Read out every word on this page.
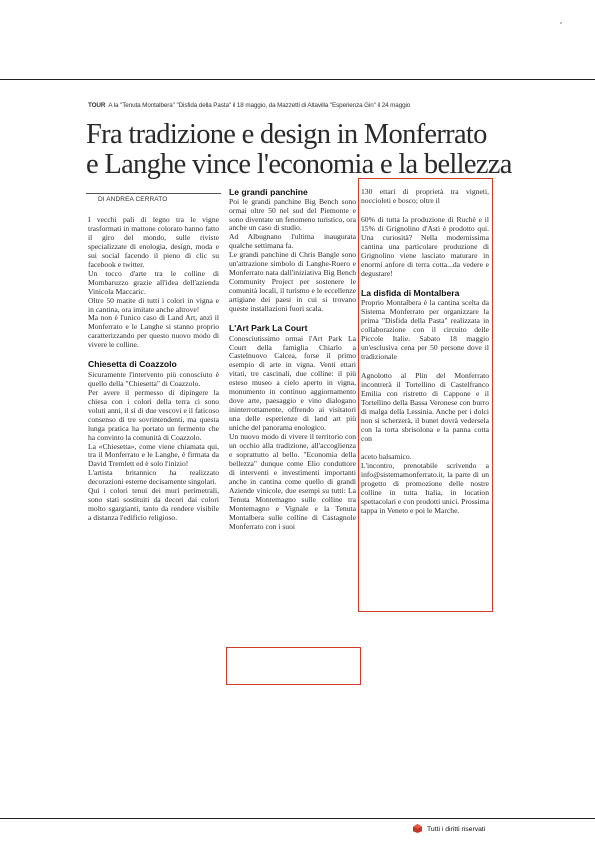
TOUR A la "Tenuta Montalbera" "Disfida della Pasta" il 18 maggio, da Mazzetti di Altavilla "Esperienza Gin" il 24 maggio
Fra tradizione e design in Monferrato
e Langhe vince l'economia e la bellezza
DI ANDREA CERRATO

I vecchi pali di legno tra le vigne trasformati in mattone colorato hanno fatto il giro del mondo, sulle riviste specializzate di enologia, design, moda e sui social facendo il pieno di clic su facebook e twitter.

Un tocco d'arte tra le colline di Mombaruzzo grazie all'idea dell'azienda Vinicola Maccaric.

Oltre 50 matite di tutti i colori in vigna e in cantina, ora imitate anche altrove!

Ma non è l'unico caso di Land Art, anzi il Monferrato e le Langhe si stanno proprio caratterizzando per questo nuovo modo di vivere le colline.

Chiesetta di Coazzolo

Sicuramente l'intervento più conosciuto è quello della "Chiesetta" di Coazzolo.

Per avere il permesso di dipingere la chiesa con i colori della terra ci sono voluti anni, il sì di due vescovi e il faticoso consenso di tre sovrintendenti, ma questa lunga pratica ha portato un fermento che ha convinto la comunità di Coazzolo.

La «Chiesetta», come viene chiamata qui, tra il Monferrato e le Langhe, è firmata da David Tremlett ed è solo l'inizio!

L'artista britannico ha realizzato decorazioni esterne decisamente singolari.

Qui i colori tenui dei muri perimetrali, sono stati sostituiti da decori dai colori molto sgargianti, tanto da rendere visibile a distanza l'edificio religioso.

Le grandi panchine

Poi le grandi panchine Big Bench sono ormai oltre 50 nel sud del Piemonte e sono diventate un fenomeno turistico, ora anche un caso di studio.

Ad Albugnano l'ultima inaugurata qualche settimana fa.

Le grandi panchine di Chris Bangle sono un'attrazione simbolo di Langhe-Roero e Monferrato nata dall'iniziativa Big Bench Community Project per sostenere le comunità locali, il turismo e le eccellenze artigiane dei paesi in cui si trovano queste installazioni fuori scala.

L'Art Park La Court

Conosciutissimo ormai l'Art Park La Court della famiglia Chiarlo a Castelnuovo Calcea, forse il primo esempio di arte in vigna. Venti ettari vitati, tre cascinali, due colline: il più esteso museo a cielo aperto in vigna, monumento in continuo aggiornamento dove arte, paesaggio e vino dialogano ininterrottamente, offrendo ai visitatori una delle esperienze di land art più uniche del panorama enologico.

Un nuovo modo di vivere il territorio con un occhio alla tradizione, all'accoglienza e soprattutto al bello. "Economia della bellezza" dunque come Elio conduttore di interventi e investimenti importanti anche in cantina come quello di grandi Aziende vinicole, due esempi su tutti: La Tenuta Montemagno sulle colline tra Montemagno e Vignale e la Tenuta Montalbera sulle colline di Castagnole Monferrato con i suoi

130 ettari di proprietà tra vigneti, noccioleti e bosco; oltre il

60% di tutta la produzione di Ruchè e il 15% di Grignolino d'Asti è prodotto qui. Una curiosità? Nella modernissima cantina una particolare produzione di Grignolino viene lasciato maturare in enormi anfore di terra cotta...da vedere e degustare!

La disfida di Montalbera

Proprio Montalbera è la cantina scelta da Sistema Monferrato per organizzare la prima "Disfida della Pasta" realizzata in collaborazione con il circuito delle Piccole Italie. Sabato 18 maggio un'esclusiva cena per 50 persone dove il tradizionale

Agnolotto al Plin del Monferrato incontrerà il Tortellino di Castelfranco Emilia con ristretto di Cappone e il Tortellino della Bassa Veronese con burro di malga della Lessinia. Anche per i dolci non si scherzerà, il bunet dovrà vedersela con la torta sbrisolona e la panna cotta con

aceto balsamico.

L'incontro, prenotabile scrivendo a info@sistemamonferrato.it, la parte di un progetto di promozione delle nostre colline in tutta Italia, in location spettacolari e con prodotti unici. Prossima tappa in Veneto e poi le Marche.

Tutti i diritti riservati
